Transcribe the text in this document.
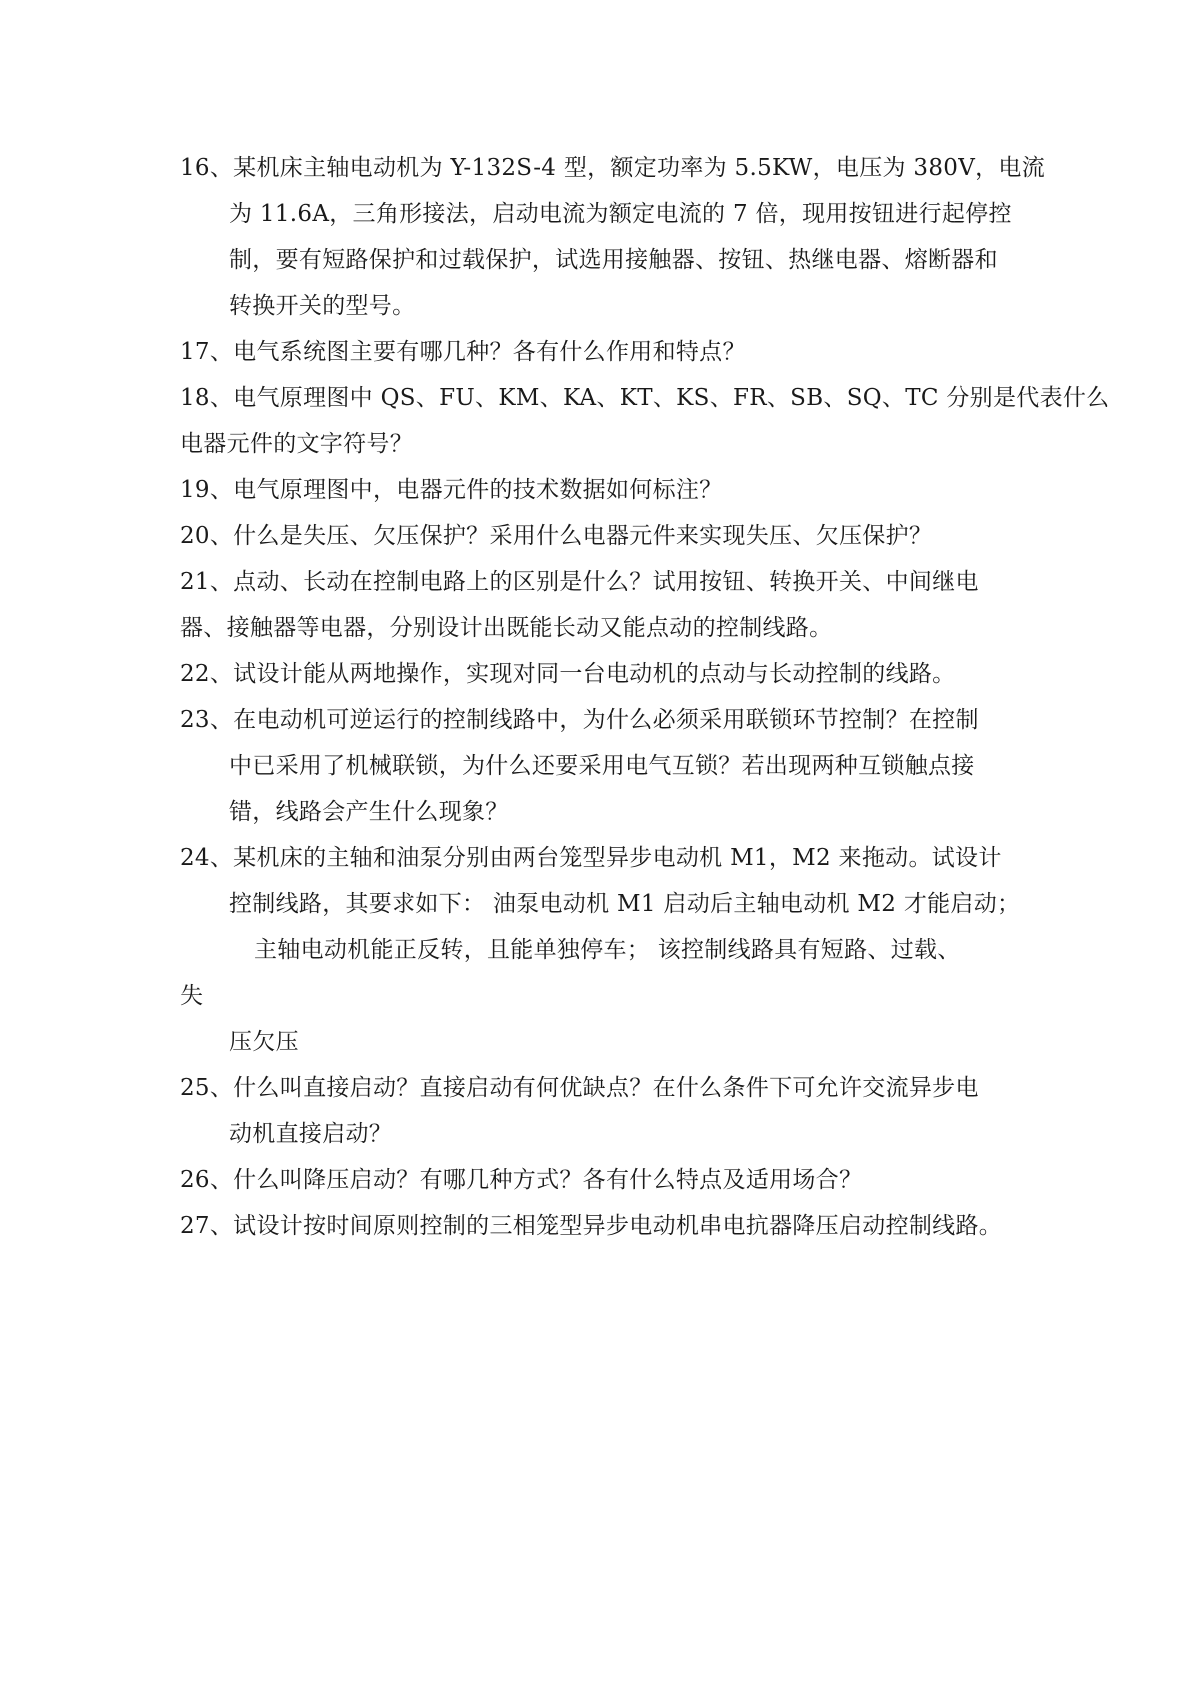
16、某机床主轴电动机为 Y-132S-4 型，额定功率为 5.5KW，电压为 380V，电流
为 11.6A，三角形接法，启动电流为额定电流的 7 倍，现用按钮进行起停控
制，要有短路保护和过载保护，试选用接触器、按钮、热继电器、熔断器和
转换开关的型号。
17、电气系统图主要有哪几种？各有什么作用和特点？
18、电气原理图中 QS、FU、KM、KA、KT、KS、FR、SB、SQ、TC 分别是代表什么
电器元件的文字符号？
19、电气原理图中，电器元件的技术数据如何标注？
20、什么是失压、欠压保护？采用什么电器元件来实现失压、欠压保护？
21、点动、长动在控制电路上的区别是什么？试用按钮、转换开关、中间继电
器、接触器等电器，分别设计出既能长动又能点动的控制线路。
22、试设计能从两地操作，实现对同一台电动机的点动与长动控制的线路。
23、在电动机可逆运行的控制线路中，为什么必须采用联锁环节控制？在控制
中已采用了机械联锁，为什么还要采用电气互锁？若出现两种互锁触点接
错，线路会产生什么现象？
24、某机床的主轴和油泵分别由两台笼型异步电动机 M1，M2 来拖动。试设计
控制线路，其要求如下： 油泵电动机 M1 启动后主轴电动机 M2 才能启动；
主轴电动机能正反转，且能单独停车； 该控制线路具有短路、过载、
失
压欠压
25、什么叫直接启动？直接启动有何优缺点？在什么条件下可允许交流异步电
动机直接启动？
26、什么叫降压启动？有哪几种方式？各有什么特点及适用场合？
27、试设计按时间原则控制的三相笼型异步电动机串电抗器降压启动控制线路。
